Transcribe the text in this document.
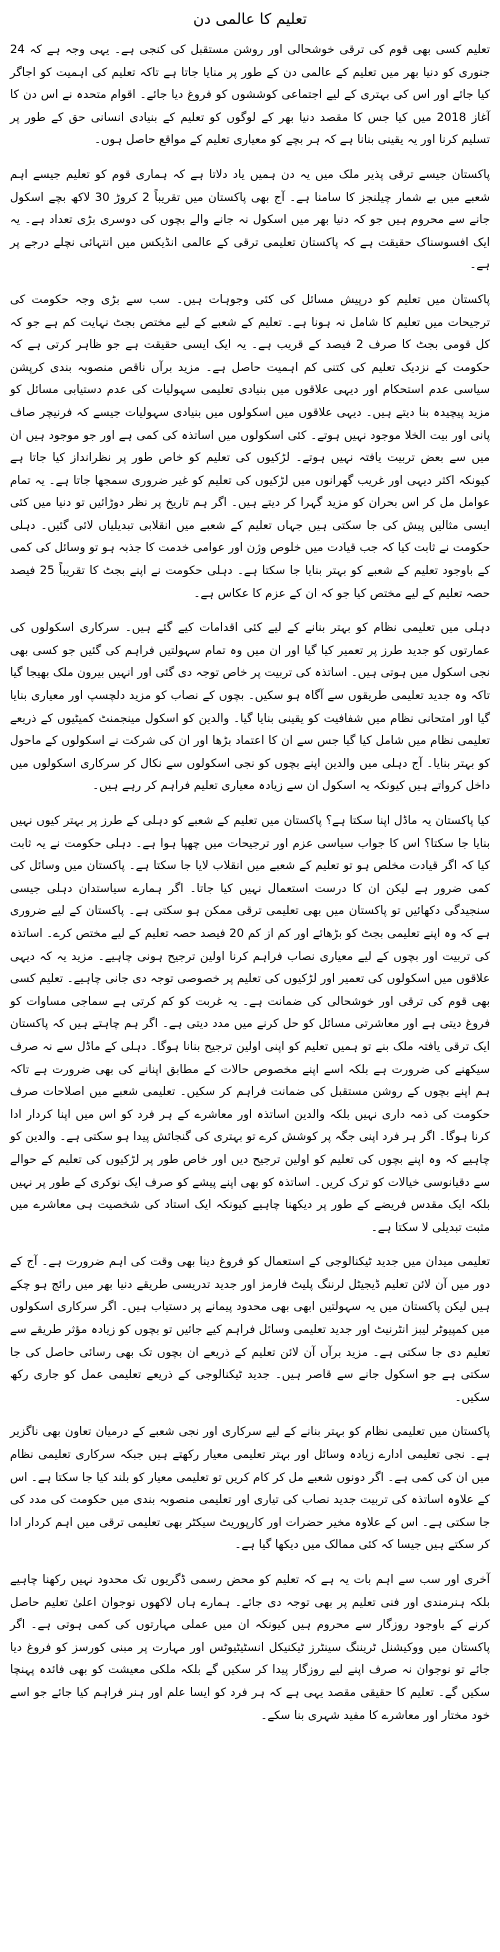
تعلیم کا عالمی دن
تعلیم کسی بھی قوم کی ترقی خوشحالی اور روشن مستقبل کی کنجی ہے۔ یہی وجہ ہے کہ 24 جنوری کو دنیا بھر میں تعلیم کے عالمی دن کے طور پر منایا جاتا ہے تاکہ تعلیم کی اہمیت کو اجاگر کیا جائے اور اس کی بہتری کے لیے اجتماعی کوششوں کو فروغ دیا جائے۔ اقوام متحدہ نے اس دن کا آغاز 2018 میں کیا جس کا مقصد دنیا بھر کے لوگوں کو تعلیم کے بنیادی انسانی حق کے طور پر تسلیم کرنا اور یہ یقینی بنانا ہے کہ ہر بچے کو معیاری تعلیم کے مواقع حاصل ہوں۔
پاکستان جیسے ترقی پذیر ملک میں یہ دن ہمیں یاد دلاتا ہے کہ ہماری قوم کو تعلیم جیسے اہم شعبے میں بے شمار چیلنجز کا سامنا ہے۔ آج بھی پاکستان میں تقریباً 2 کروڑ 30 لاکھ بچے اسکول جانے سے محروم ہیں جو کہ دنیا بھر میں اسکول نہ جانے والے بچوں کی دوسری بڑی تعداد ہے۔ یہ ایک افسوسناک حقیقت ہے کہ پاکستان تعلیمی ترقی کے عالمی انڈیکس میں انتہائی نچلے درجے پر ہے۔
پاکستان میں تعلیم کو درپیش مسائل کی کئی وجوہات ہیں۔ سب سے بڑی وجہ حکومت کی ترجیحات میں تعلیم کا شامل نہ ہونا ہے۔ تعلیم کے شعبے کے لیے مختص بجٹ نہایت کم ہے جو کہ کل قومی بجٹ کا صرف 2 فیصد کے قریب ہے۔ یہ ایک ایسی حقیقت ہے جو ظاہر کرتی ہے کہ حکومت کے نزدیک تعلیم کی کتنی کم اہمیت حاصل ہے۔ مزید برآں ناقص منصوبہ بندی کرپشن سیاسی عدم استحکام اور دیہی علاقوں میں بنیادی تعلیمی سہولیات کی عدم دستیابی مسائل کو مزید پیچیدہ بنا دیتے ہیں۔ دیہی علاقوں میں اسکولوں میں بنیادی سہولیات جیسے کہ فرنیچر صاف پانی اور بیت الخلا موجود نہیں ہوتے۔ کئی اسکولوں میں اساتذہ کی کمی ہے اور جو موجود ہیں ان میں سے بعض تربیت یافتہ نہیں ہوتے۔ لڑکیوں کی تعلیم کو خاص طور پر نظرانداز کیا جاتا ہے کیونکہ اکثر دیہی اور غریب گھرانوں میں لڑکیوں کی تعلیم کو غیر ضروری سمجھا جاتا ہے۔ یہ تمام عوامل مل کر اس بحران کو مزید گہرا کر دیتے ہیں۔ اگر ہم تاریخ پر نظر دوڑائیں تو دنیا میں کئی ایسی مثالیں پیش کی جا سکتی ہیں جہاں تعلیم کے شعبے میں انقلابی تبدیلیاں لائی گئیں۔ دہلی حکومت نے ثابت کیا کہ جب قیادت میں خلوص وژن اور عوامی خدمت کا جذبہ ہو تو وسائل کی کمی کے باوجود تعلیم کے شعبے کو بہتر بنایا جا سکتا ہے۔ دہلی حکومت نے اپنے بجٹ کا تقریباً 25 فیصد حصہ تعلیم کے لیے مختص کیا جو کہ ان کے عزم کا عکاس ہے۔
دہلی میں تعلیمی نظام کو بہتر بنانے کے لیے کئی اقدامات کیے گئے ہیں۔ سرکاری اسکولوں کی عمارتوں کو جدید طرز پر تعمیر کیا گیا اور ان میں وہ تمام سہولتیں فراہم کی گئیں جو کسی بھی نجی اسکول میں ہوتی ہیں۔ اساتذہ کی تربیت پر خاص توجہ دی گئی اور انہیں بیرون ملک بھیجا گیا تاکہ وہ جدید تعلیمی طریقوں سے آگاہ ہو سکیں۔ بچوں کے نصاب کو مزید دلچسپ اور معیاری بنایا گیا اور امتحانی نظام میں شفافیت کو یقینی بنایا گیا۔ والدین کو اسکول مینجمنٹ کمیٹیوں کے ذریعے تعلیمی نظام میں شامل کیا گیا جس سے ان کا اعتماد بڑھا اور ان کی شرکت نے اسکولوں کے ماحول کو بہتر بنایا۔ آج دہلی میں والدین اپنے بچوں کو نجی اسکولوں سے نکال کر سرکاری اسکولوں میں داخل کرواتے ہیں کیونکہ یہ اسکول ان سے زیادہ معیاری تعلیم فراہم کر رہے ہیں۔
کیا پاکستان یہ ماڈل اپنا سکتا ہے؟ پاکستان میں تعلیم کے شعبے کو دہلی کے طرز پر بہتر کیوں نہیں بنایا جا سکتا؟ اس کا جواب سیاسی عزم اور ترجیحات میں چھپا ہوا ہے۔ دہلی حکومت نے یہ ثابت کیا کہ اگر قیادت مخلص ہو تو تعلیم کے شعبے میں انقلاب لایا جا سکتا ہے۔ پاکستان میں وسائل کی کمی ضرور ہے لیکن ان کا درست استعمال نہیں کیا جاتا۔ اگر ہمارے سیاستدان دہلی جیسی سنجیدگی دکھائیں تو پاکستان میں بھی تعلیمی ترقی ممکن ہو سکتی ہے۔ پاکستان کے لیے ضروری ہے کہ وہ اپنے تعلیمی بجٹ کو بڑھائے اور کم از کم 20 فیصد حصہ تعلیم کے لیے مختص کرے۔ اساتذہ کی تربیت اور بچوں کے لیے معیاری نصاب فراہم کرنا اولین ترجیح ہونی چاہیے۔ مزید یہ کہ دیہی علاقوں میں اسکولوں کی تعمیر اور لڑکیوں کی تعلیم پر خصوصی توجہ دی جانی چاہیے۔ تعلیم کسی بھی قوم کی ترقی اور خوشحالی کی ضمانت ہے۔ یہ غربت کو کم کرتی ہے سماجی مساوات کو فروغ دیتی ہے اور معاشرتی مسائل کو حل کرنے میں مدد دیتی ہے۔ اگر ہم چاہتے ہیں کہ پاکستان ایک ترقی یافتہ ملک بنے تو ہمیں تعلیم کو اپنی اولین ترجیح بنانا ہوگا۔ دہلی کے ماڈل سے نہ صرف سیکھنے کی ضرورت ہے بلکہ اسے اپنے مخصوص حالات کے مطابق اپنانے کی بھی ضرورت ہے تاکہ ہم اپنے بچوں کے روشن مستقبل کی ضمانت فراہم کر سکیں۔ تعلیمی شعبے میں اصلاحات صرف حکومت کی ذمہ داری نہیں بلکہ والدین اساتذہ اور معاشرے کے ہر فرد کو اس میں اپنا کردار ادا کرنا ہوگا۔ اگر ہر فرد اپنی جگہ پر کوشش کرے تو بہتری کی گنجائش پیدا ہو سکتی ہے۔ والدین کو چاہیے کہ وہ اپنے بچوں کی تعلیم کو اولین ترجیح دیں اور خاص طور پر لڑکیوں کی تعلیم کے حوالے سے دقیانوسی خیالات کو ترک کریں۔ اساتذہ کو بھی اپنے پیشے کو صرف ایک نوکری کے طور پر نہیں بلکہ ایک مقدس فریضے کے طور پر دیکھنا چاہیے کیونکہ ایک استاد کی شخصیت ہی معاشرے میں مثبت تبدیلی لا سکتا ہے۔
تعلیمی میدان میں جدید ٹیکنالوجی کے استعمال کو فروغ دینا بھی وقت کی اہم ضرورت ہے۔ آج کے دور میں آن لائن تعلیم ڈیجیٹل لرننگ پلیٹ فارمز اور جدید تدریسی طریقے دنیا بھر میں رائج ہو چکے ہیں لیکن پاکستان میں یہ سہولتیں ابھی بھی محدود پیمانے پر دستیاب ہیں۔ اگر سرکاری اسکولوں میں کمپیوٹر لیبز انٹرنیٹ اور جدید تعلیمی وسائل فراہم کیے جائیں تو بچوں کو زیادہ مؤثر طریقے سے تعلیم دی جا سکتی ہے۔ مزید برآں آن لائن تعلیم کے ذریعے ان بچوں تک بھی رسائی حاصل کی جا سکتی ہے جو اسکول جانے سے قاصر ہیں۔ جدید ٹیکنالوجی کے ذریعے تعلیمی عمل کو جاری رکھ سکیں۔
پاکستان میں تعلیمی نظام کو بہتر بنانے کے لیے سرکاری اور نجی شعبے کے درمیان تعاون بھی ناگزیر ہے۔ نجی تعلیمی ادارے زیادہ وسائل اور بہتر تعلیمی معیار رکھتے ہیں جبکہ سرکاری تعلیمی نظام میں ان کی کمی ہے۔ اگر دونوں شعبے مل کر کام کریں تو تعلیمی معیار کو بلند کیا جا سکتا ہے۔ اس کے علاوہ اساتذہ کی تربیت جدید نصاب کی تیاری اور تعلیمی منصوبہ بندی میں حکومت کی مدد کی جا سکتی ہے۔ اس کے علاوہ مخیر حضرات اور کارپوریٹ سیکٹر بھی تعلیمی ترقی میں اہم کردار ادا کر سکتے ہیں جیسا کہ کئی ممالک میں دیکھا گیا ہے۔
آخری اور سب سے اہم بات یہ ہے کہ تعلیم کو محض رسمی ڈگریوں تک محدود نہیں رکھنا چاہیے بلکہ ہنرمندی اور فنی تعلیم پر بھی توجہ دی جائے۔ ہمارے ہاں لاکھوں نوجوان اعلیٰ تعلیم حاصل کرنے کے باوجود روزگار سے محروم ہیں کیونکہ ان میں عملی مہارتوں کی کمی ہوتی ہے۔ اگر پاکستان میں ووکیشنل ٹریننگ سینٹرز ٹیکنیکل انسٹیٹیوٹس اور مہارت پر مبنی کورسز کو فروغ دیا جائے تو نوجوان نہ صرف اپنے لیے روزگار پیدا کر سکیں گے بلکہ ملکی معیشت کو بھی فائدہ پہنچا سکیں گے۔ تعلیم کا حقیقی مقصد یہی ہے کہ ہر فرد کو ایسا علم اور ہنر فراہم کیا جائے جو اسے خود مختار اور معاشرے کا مفید شہری بنا سکے۔
